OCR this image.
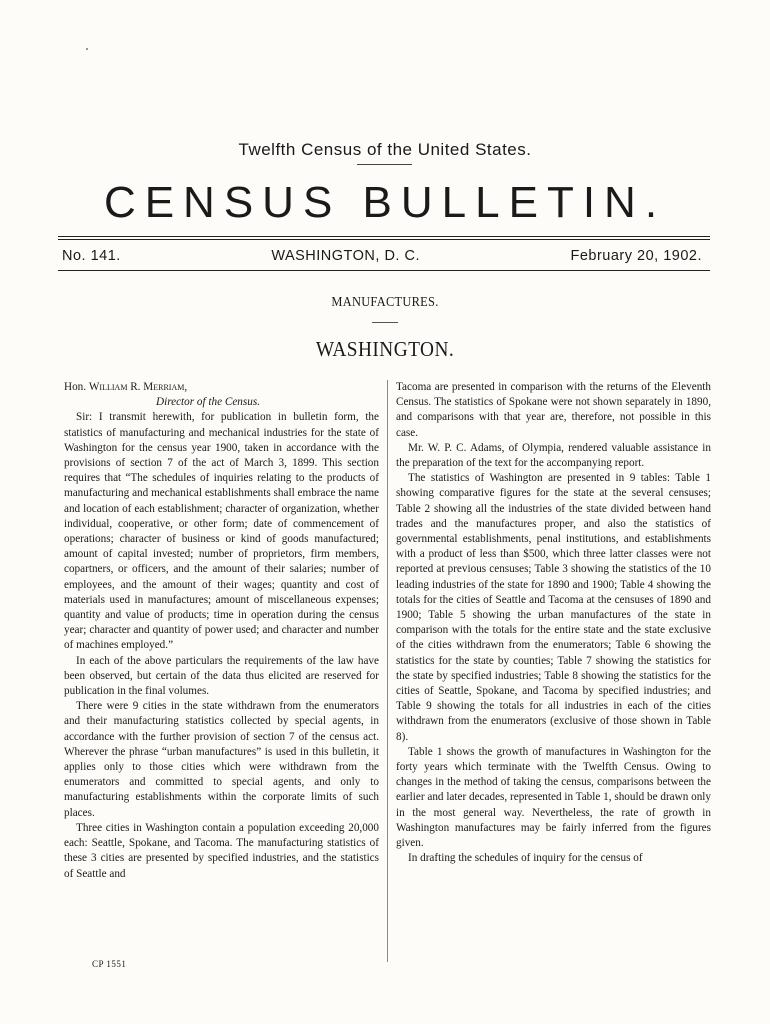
Twelfth Census of the United States.

CENSUS BULLETIN.
No. 141.	WASHINGTON, D. C.	February 20, 1902.
MANUFACTURES.
WASHINGTON.

Hon. William R. Merriam,

Director of the Census.

Sir: I transmit herewith, for publication in bulletin form, the statistics of manufacturing and mechanical industries for the state of Washington for the census year 1900, taken in accordance with the provisions of section 7 of the act of March 3, 1899. This section requires that “The schedules of inquiries relating to the products of manufacturing and mechanical establishments shall embrace the name and location of each establishment; character of organization, whether individual, cooperative, or other form; date of commencement of operations; character of business or kind of goods manufactured; amount of capital invested; number of proprietors, firm members, copartners, or officers, and the amount of their salaries; number of employees, and the amount of their wages; quantity and cost of materials used in manufactures; amount of miscellaneous expenses; quantity and value of products; time in operation during the census year; character and quantity of power used; and character and number of machines employed.”

In each of the above particulars the requirements of the law have been observed, but certain of the data thus elicited are reserved for publication in the final volumes.

There were 9 cities in the state withdrawn from the enumerators and their manufacturing statistics collected by special agents, in accordance with the further provision of section 7 of the census act. Wherever the phrase “urban manufactures” is used in this bulletin, it applies only to those cities which were withdrawn from the enumerators and committed to special agents, and only to manufacturing establishments within the corporate limits of such places.

Three cities in Washington contain a population exceeding 20,000 each: Seattle, Spokane, and Tacoma. The manufacturing statistics of these 3 cities are presented by specified industries, and the statistics of Seattle and

Tacoma are presented in comparison with the returns of the Eleventh Census. The statistics of Spokane were not shown separately in 1890, and comparisons with that year are, therefore, not possible in this case.

Mr. W. P. C. Adams, of Olympia, rendered valuable assistance in the preparation of the text for the accompanying report.

The statistics of Washington are presented in 9 tables: Table 1 showing comparative figures for the state at the several censuses; Table 2 showing all the industries of the state divided between hand trades and the manufactures proper, and also the statistics of governmental establishments, penal institutions, and establishments with a product of less than $500, which three latter classes were not reported at previous censuses; Table 3 showing the statistics of the 10 leading industries of the state for 1890 and 1900; Table 4 showing the totals for the cities of Seattle and Tacoma at the censuses of 1890 and 1900; Table 5 showing the urban manufactures of the state in comparison with the totals for the entire state and the state exclusive of the cities withdrawn from the enumerators; Table 6 showing the statistics for the state by counties; Table 7 showing the statistics for the state by specified industries; Table 8 showing the statistics for the cities of Seattle, Spokane, and Tacoma by specified industries; and Table 9 showing the totals for all industries in each of the cities withdrawn from the enumerators (exclusive of those shown in Table 8).

Table 1 shows the growth of manufactures in Washington for the forty years which terminate with the Twelfth Census. Owing to changes in the method of taking the census, comparisons between the earlier and later decades, represented in Table 1, should be drawn only in the most general way. Nevertheless, the rate of growth in Washington manufactures may be fairly inferred from the figures given.

In drafting the schedules of inquiry for the census of

CP 1551
